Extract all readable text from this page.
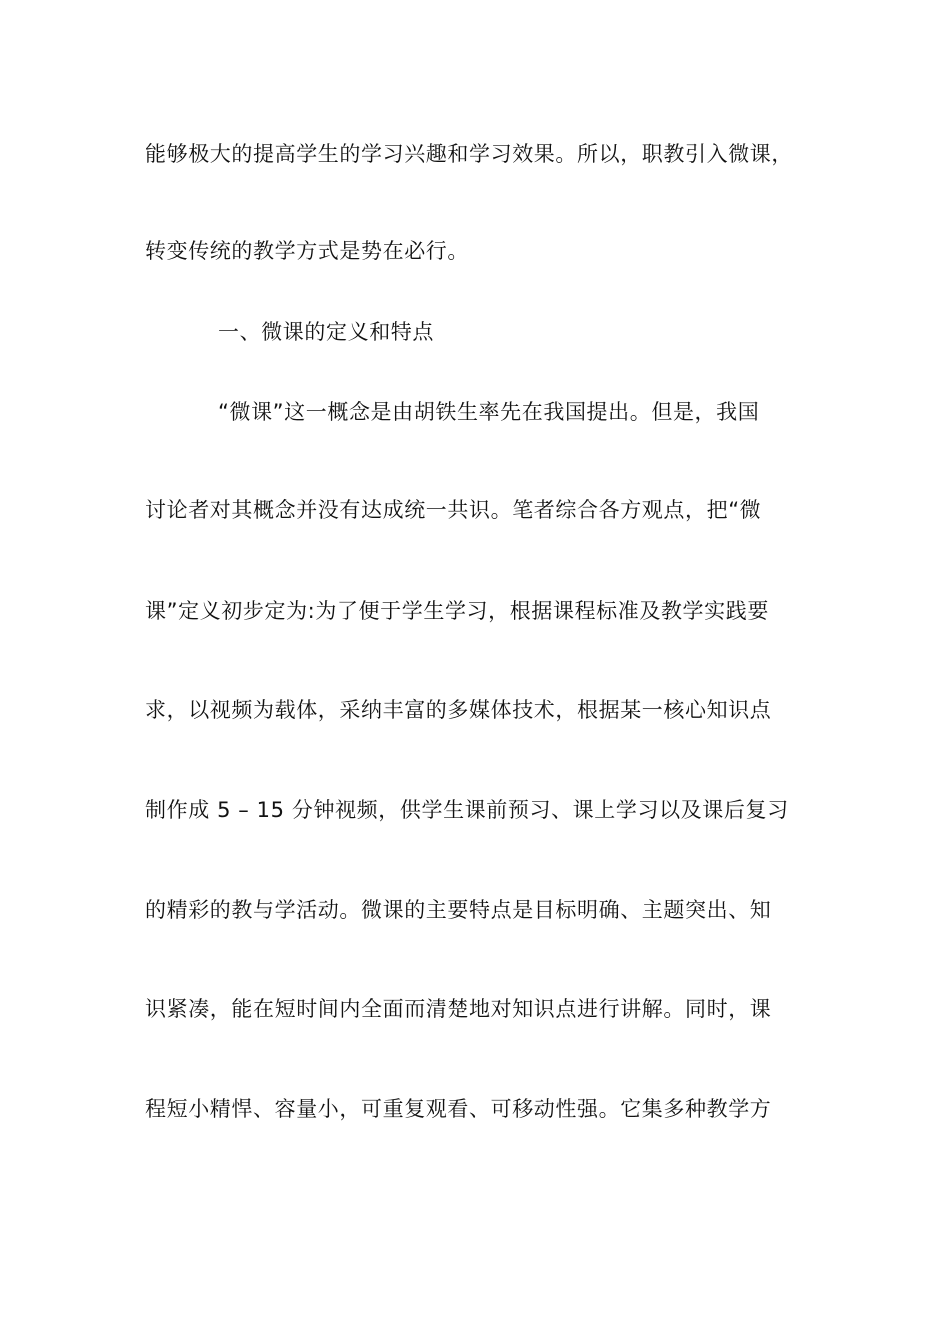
能够极大的提高学生的学习兴趣和学习效果。所以，职教引入微课，

转变传统的教学方式是势在必行。

一、微课的定义和特点

“微课”这一概念是由胡铁生率先在我国提出。但是，我国

讨论者对其概念并没有达成统一共识。笔者综合各方观点，把“微

课”定义初步定为:为了便于学生学习，根据课程标准及教学实践要

求，以视频为载体，采纳丰富的多媒体技术，根据某一核心知识点

制作成 5 – 15 分钟视频，供学生课前预习、课上学习以及课后复习

的精彩的教与学活动。微课的主要特点是目标明确、主题突出、知

识紧凑，能在短时间内全面而清楚地对知识点进行讲解。同时，课

程短小精悍、容量小，可重复观看、可移动性强。它集多种教学方
